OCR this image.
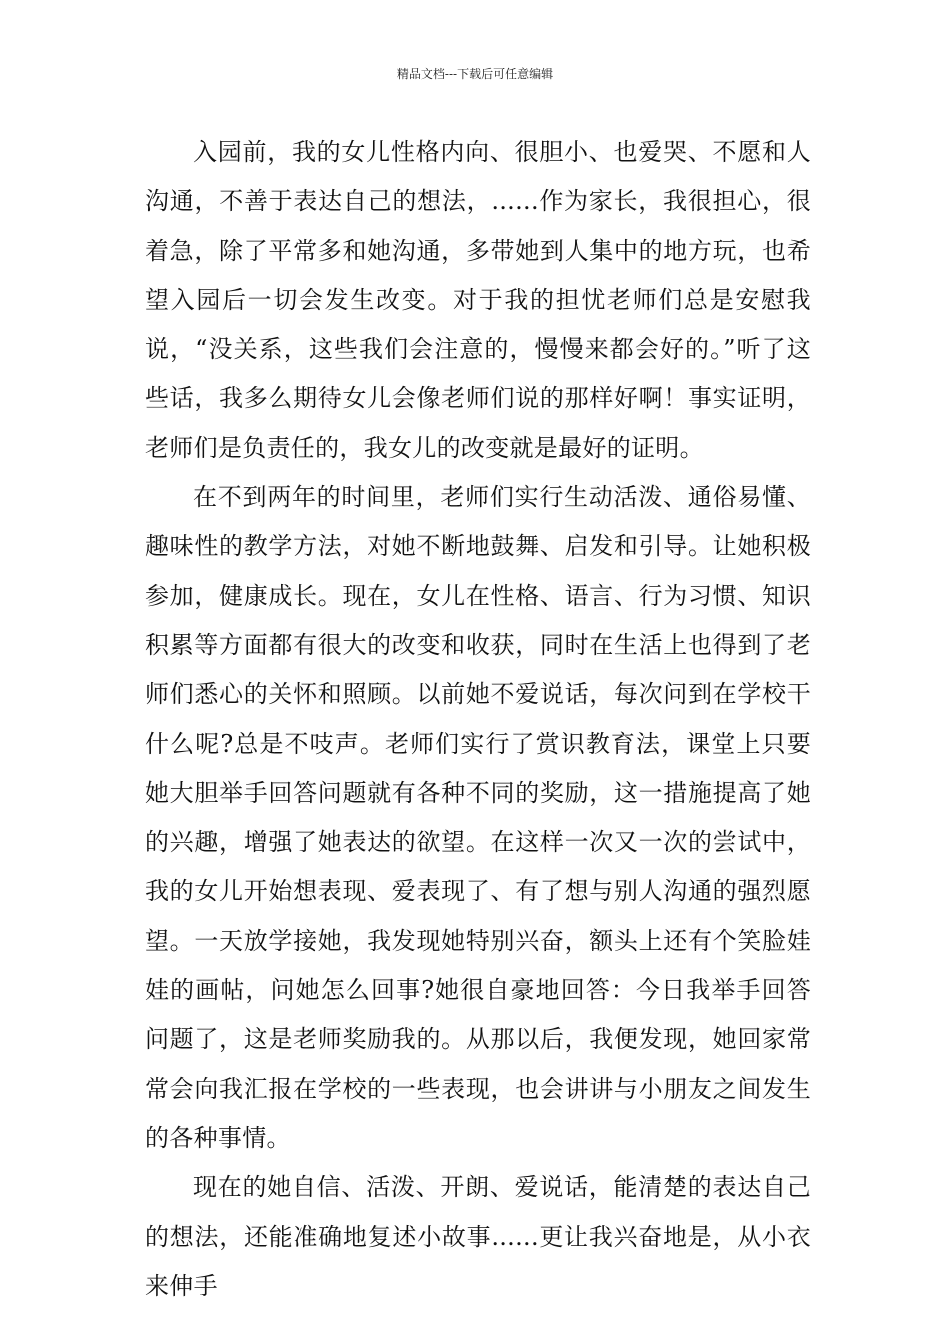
精品文档---下载后可任意编辑

入园前，我的女儿性格内向、很胆小、也爱哭、不愿和人沟通，不善于表达自己的想法，......作为家长，我很担心，很着急，除了平常多和她沟通，多带她到人集中的地方玩，也希望入园后一切会发生改变。对于我的担忧老师们总是安慰我说，“没关系，这些我们会注意的，慢慢来都会好的。”听了这些话，我多么期待女儿会像老师们说的那样好啊！事实证明，老师们是负责任的，我女儿的改变就是最好的证明。

在不到两年的时间里，老师们实行生动活泼、通俗易懂、趣味性的教学方法，对她不断地鼓舞、启发和引导。让她积极参加，健康成长。现在，女儿在性格、语言、行为习惯、知识积累等方面都有很大的改变和收获，同时在生活上也得到了老师们悉心的关怀和照顾。以前她不爱说话，每次问到在学校干什么呢?总是不吱声。老师们实行了赏识教育法，课堂上只要她大胆举手回答问题就有各种不同的奖励，这一措施提高了她的兴趣，增强了她表达的欲望。在这样一次又一次的尝试中，我的女儿开始想表现、爱表现了、有了想与别人沟通的强烈愿望。一天放学接她，我发现她特别兴奋，额头上还有个笑脸娃娃的画帖，问她怎么回事?她很自豪地回答：今日我举手回答问题了，这是老师奖励我的。从那以后，我便发现，她回家常常会向我汇报在学校的一些表现，也会讲讲与小朋友之间发生的各种事情。

现在的她自信、活泼、开朗、爱说话，能清楚的表达自己的想法，还能准确地复述小故事......更让我兴奋地是，从小衣来伸手
